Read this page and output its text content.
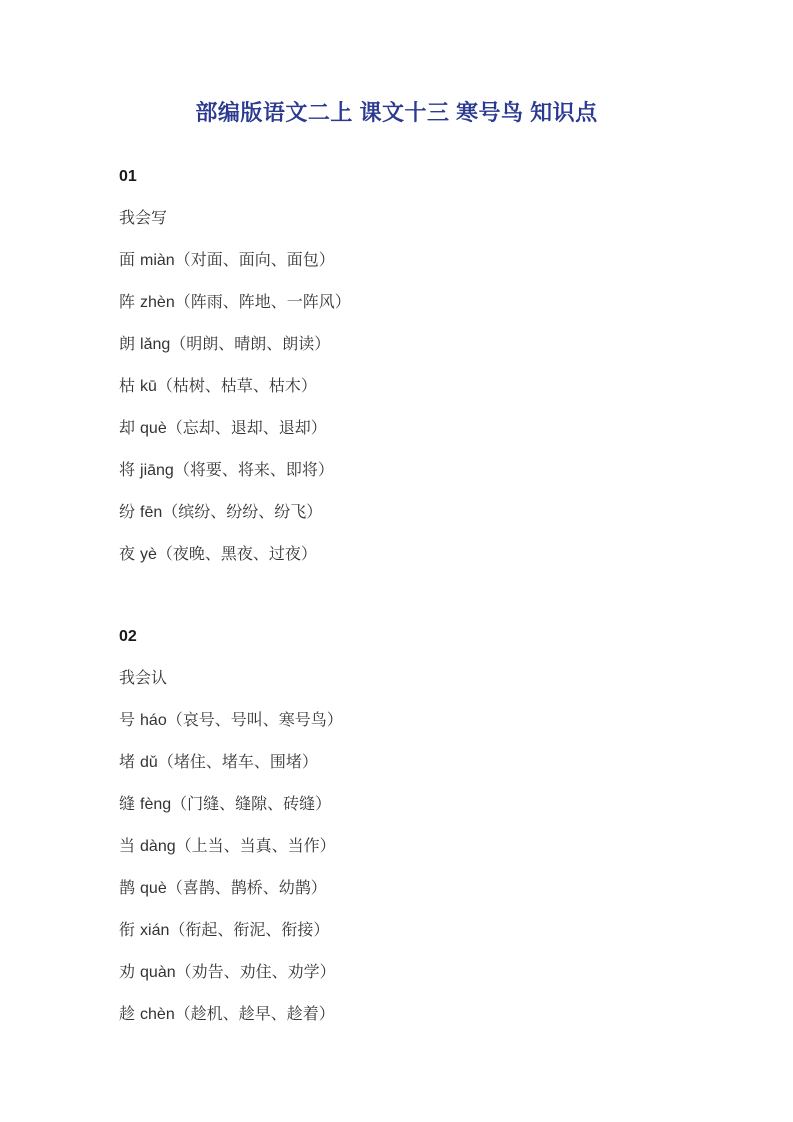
部编版语文二上 课文十三 寒号鸟 知识点

01

我会写

面 miàn（对面、面向、面包）

阵 zhèn（阵雨、阵地、一阵风）

朗 lǎng（明朗、晴朗、朗读）

枯 kū（枯树、枯草、枯木）

却 què（忘却、退却、退却）

将 jiāng（将要、将来、即将）

纷 fēn（缤纷、纷纷、纷飞）

夜 yè（夜晚、黑夜、过夜）

02

我会认

号 háo（哀号、号叫、寒号鸟）

堵 dǔ（堵住、堵车、围堵）

缝 fèng（门缝、缝隙、砖缝）

当 dàng（上当、当真、当作）

鹊 què（喜鹊、鹊桥、幼鹊）

衔 xián（衔起、衔泥、衔接）

劝 quàn（劝告、劝住、劝学）

趁 chèn（趁机、趁早、趁着）
